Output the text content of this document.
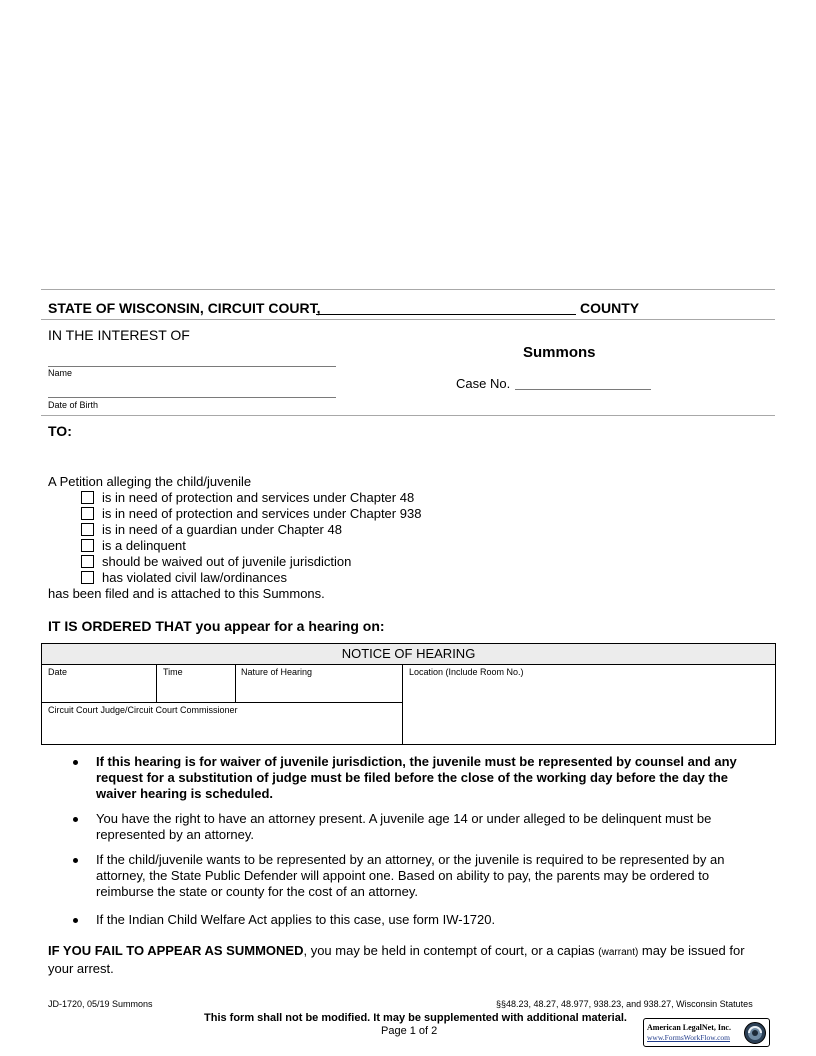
STATE OF WISCONSIN, CIRCUIT COURT,	COUNTY
IN THE INTEREST OF
Name
Date of Birth
Summons
Case No.
TO:
A Petition alleging the child/juvenile
is in need of protection and services under Chapter 48
is in need of protection and services under Chapter 938
is in need of a guardian under Chapter 48
is a delinquent
should be waived out of juvenile jurisdiction
has violated civil law/ordinances
has been filed and is attached to this Summons.
IT IS ORDERED THAT you appear for a hearing on:
NOTICE OF HEARING
Date	Time	Nature of Hearing	Location (Include Room No.)
Circuit Court Judge/Circuit Court Commissioner
If this hearing is for waiver of juvenile jurisdiction, the juvenile must be represented by counsel and any request for a substitution of judge must be filed before the close of the working day before the day the waiver hearing is scheduled.
You have the right to have an attorney present. A juvenile age 14 or under alleged to be delinquent must be represented by an attorney.
If the child/juvenile wants to be represented by an attorney, or the juvenile is required to be represented by an attorney, the State Public Defender will appoint one. Based on ability to pay, the parents may be ordered to reimburse the state or county for the cost of an attorney.
If the Indian Child Welfare Act applies to this case, use form IW-1720.
IF YOU FAIL TO APPEAR AS SUMMONED, you may be held in contempt of court, or a capias (warrant) may be issued for your arrest.
JD-1720, 05/19 Summons	§§48.23, 48.27, 48.977, 938.23, and 938.27, Wisconsin Statutes
This form shall not be modified. It may be supplemented with additional material.
Page 1 of 2	American LegalNet, Inc.
www.FormsWorkFlow.com
